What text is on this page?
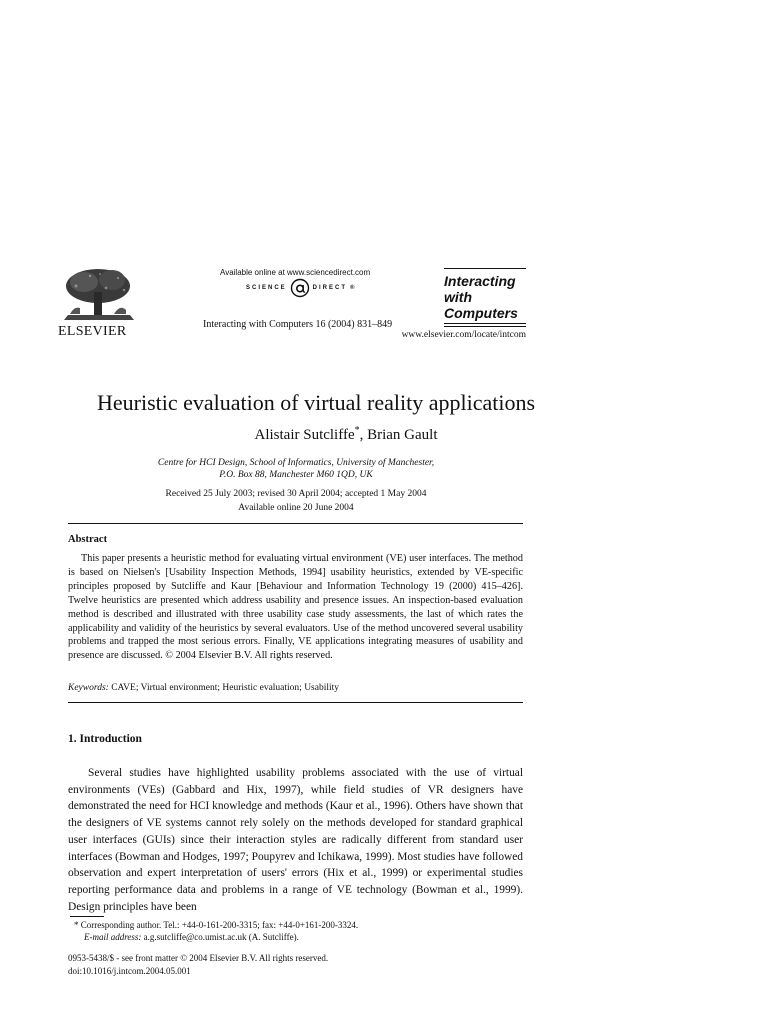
ELSEVIER
Available online at www.sciencedirect.com
SCIENCE	DIRECT ®
Interacting with Computers 16 (2004) 831–849
Interacting
with
Computers
www.elsevier.com/locate/intcom
Heuristic evaluation of virtual reality applications
Alistair Sutcliffe*, Brian Gault
Centre for HCI Design, School of Informatics, University of Manchester,
P.O. Box 88, Manchester M60 1QD, UK
Received 25 July 2003; revised 30 April 2004; accepted 1 May 2004
Available online 20 June 2004
Abstract
This paper presents a heuristic method for evaluating virtual environment (VE) user interfaces. The method is based on Nielsen's [Usability Inspection Methods, 1994] usability heuristics, extended by VE-specific principles proposed by Sutcliffe and Kaur [Behaviour and Information Technology 19 (2000) 415–426]. Twelve heuristics are presented which address usability and presence issues. An inspection-based evaluation method is described and illustrated with three usability case study assessments, the last of which rates the applicability and validity of the heuristics by several evaluators. Use of the method uncovered several usability problems and trapped the most serious errors. Finally, VE applications integrating measures of usability and presence are discussed. © 2004 Elsevier B.V. All rights reserved.
Keywords: CAVE; Virtual environment; Heuristic evaluation; Usability
1. Introduction
Several studies have highlighted usability problems associated with the use of virtual environments (VEs) (Gabbard and Hix, 1997), while field studies of VR designers have demonstrated the need for HCI knowledge and methods (Kaur et al., 1996). Others have shown that the designers of VE systems cannot rely solely on the methods developed for standard graphical user interfaces (GUIs) since their interaction styles are radically different from standard user interfaces (Bowman and Hodges, 1997; Poupyrev and Ichikawa, 1999). Most studies have followed observation and expert interpretation of users' errors (Hix et al., 1999) or experimental studies reporting performance data and problems in a range of VE technology (Bowman et al., 1999). Design principles have been
* Corresponding author. Tel.: +44-0-161-200-3315; fax: +44-0+161-200-3324.
E-mail address: a.g.sutcliffe@co.umist.ac.uk (A. Sutcliffe).
0953-5438/$ - see front matter © 2004 Elsevier B.V. All rights reserved.
doi:10.1016/j.intcom.2004.05.001
